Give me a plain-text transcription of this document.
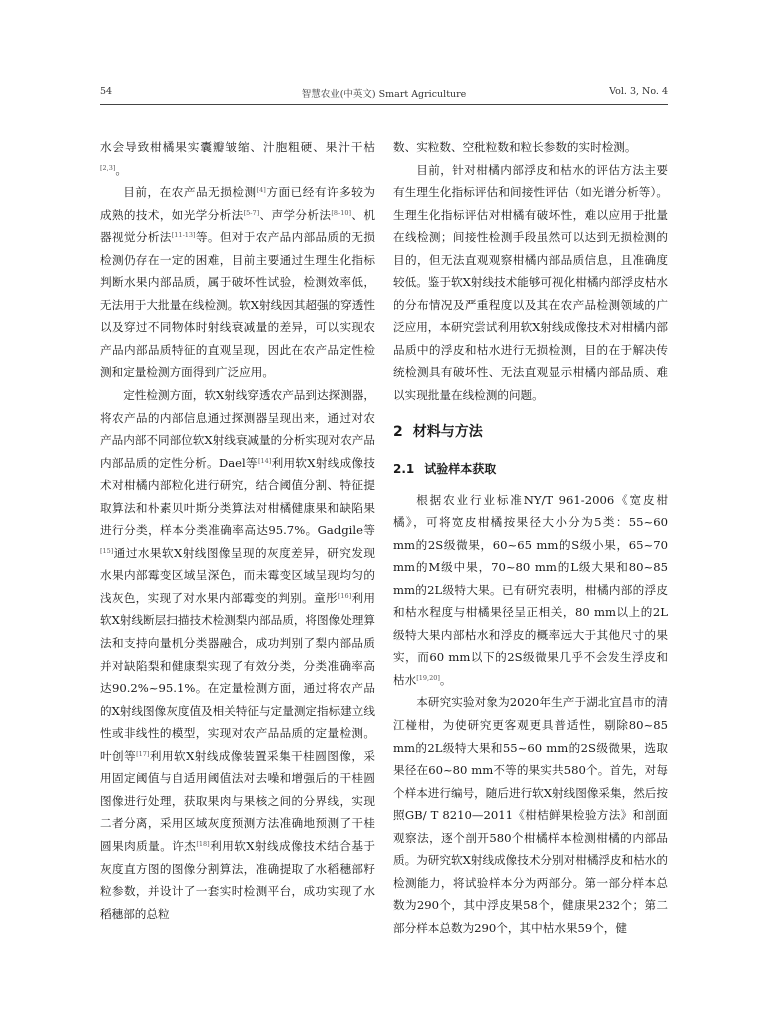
54	智慧农业(中英文) Smart Agriculture	Vol. 3, No. 4

水会导致柑橘果实囊瓣皱缩、汁胞粗硬、果汁干枯[2,3]。

目前，在农产品无损检测[4]方面已经有许多较为成熟的技术，如光学分析法[5-7]、声学分析法[8-10]、机器视觉分析法[11-13]等。但对于农产品内部品质的无损检测仍存在一定的困难，目前主要通过生理生化指标判断水果内部品质，属于破坏性试验，检测效率低，无法用于大批量在线检测。软X射线因其超强的穿透性以及穿过不同物体时射线衰减量的差异，可以实现农产品内部品质特征的直观呈现，因此在农产品定性检测和定量检测方面得到广泛应用。

定性检测方面，软X射线穿透农产品到达探测器，将农产品的内部信息通过探测器呈现出来，通过对农产品内部不同部位软X射线衰减量的分析实现对农产品内部品质的定性分析。Dael等[14]利用软X射线成像技术对柑橘内部粒化进行研究，结合阈值分割、特征提取算法和朴素贝叶斯分类算法对柑橘健康果和缺陷果进行分类，样本分类准确率高达95.7%。Gadgile等[15]通过水果软X射线图像呈现的灰度差异，研究发现水果内部霉变区域呈深色，而未霉变区域呈现均匀的浅灰色，实现了对水果内部霉变的判别。童彤[16]利用软X射线断层扫描技术检测梨内部品质，将图像处理算法和支持向量机分类器融合，成功判别了梨内部品质并对缺陷梨和健康梨实现了有效分类，分类准确率高达90.2%~95.1%。在定量检测方面，通过将农产品的X射线图像灰度值及相关特征与定量测定指标建立线性或非线性的模型，实现对农产品品质的定量检测。叶创等[17]利用软X射线成像装置采集干桂圆图像，采用固定阈值与自适用阈值法对去噪和增强后的干桂圆图像进行处理，获取果肉与果核之间的分界线，实现二者分离，采用区域灰度预测方法准确地预测了干桂圆果肉质量。许杰[18]利用软X射线成像技术结合基于灰度直方图的图像分割算法，准确提取了水稻穗部籽粒参数，并设计了一套实时检测平台，成功实现了水稻穗部的总粒

数、实粒数、空秕粒数和粒长参数的实时检测。

目前，针对柑橘内部浮皮和枯水的评估方法主要有生理生化指标评估和间接性评估（如光谱分析等）。生理生化指标评估对柑橘有破坏性，难以应用于批量在线检测；间接性检测手段虽然可以达到无损检测的目的，但无法直观观察柑橘内部品质信息，且准确度较低。鉴于软X射线技术能够可视化柑橘内部浮皮枯水的分布情况及严重程度以及其在农产品检测领域的广泛应用，本研究尝试利用软X射线成像技术对柑橘内部品质中的浮皮和枯水进行无损检测，目的在于解决传统检测具有破坏性、无法直观显示柑橘内部品质、难以实现批量在线检测的问题。

2 材料与方法
2.1 试验样本获取

根据农业行业标准NY/T 961-2006《宽皮柑橘》，可将宽皮柑橘按果径大小分为5类：55~60 mm的2S级微果，60~65 mm的S级小果，65~70 mm的M级中果，70~80 mm的L级大果和80~85 mm的2L级特大果。已有研究表明，柑橘内部的浮皮和枯水程度与柑橘果径呈正相关，80 mm以上的2L级特大果内部枯水和浮皮的概率远大于其他尺寸的果实，而60 mm以下的2S级微果几乎不会发生浮皮和枯水[19,20]。

本研究实验对象为2020年生产于湖北宜昌市的清江椪柑，为使研究更客观更具普适性，剔除80~85 mm的2L级特大果和55~60 mm的2S级微果，选取果径在60~80 mm不等的果实共580个。首先，对每个样本进行编号，随后进行软X射线图像采集，然后按照GB/ T 8210—2011《柑桔鲜果检验方法》和剖面观察法，逐个剖开580个柑橘样本检测柑橘的内部品质。为研究软X射线成像技术分别对柑橘浮皮和枯水的检测能力，将试验样本分为两部分。第一部分样本总数为290个，其中浮皮果58个，健康果232个；第二部分样本总数为290个，其中枯水果59个，健
